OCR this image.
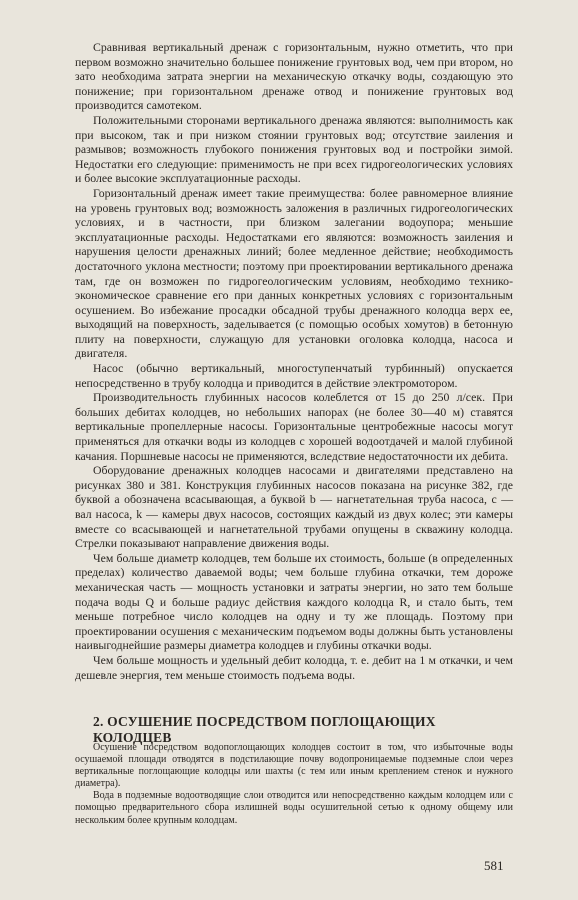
Сравнивая вертикальный дренаж с горизонтальным, нужно отметить, что при первом возможно значительно большее понижение грунтовых вод, чем при втором, но зато необходима затрата энергии на механическую откачку воды, создающую это понижение; при горизонтальном дренаже отвод и понижение грунтовых вод производится самотеком.

Положительными сторонами вертикального дренажа являются: выполнимость как при высоком, так и при низком стоянии грунтовых вод; отсутствие заиления и размывов; возможность глубокого понижения грунтовых вод и постройки зимой. Недостатки его следующие: применимость не при всех гидрогеологических условиях и более высокие эксплуатационные расходы.

Горизонтальный дренаж имеет такие преимущества: более равномерное влияние на уровень грунтовых вод; возможность заложения в различных гидрогеологических условиях, и в частности, при близком залегании водоупора; меньшие эксплуатационные расходы. Недостатками его являются: возможность заиления и нарушения целости дренажных линий; более медленное действие; необходимость достаточного уклона местности; поэтому при проектировании вертикального дренажа там, где он возможен по гидрогеологическим условиям, необходимо технико-экономическое сравнение его при данных конкретных условиях с горизонтальным осушением. Во избежание просадки обсадной трубы дренажного колодца верх ее, выходящий на поверхность, заделывается (с помощью особых хомутов) в бетонную плиту на поверхности, служащую для установки оголовка колодца, насоса и двигателя.

Насос (обычно вертикальный, многоступенчатый турбинный) опускается непосредственно в трубу колодца и приводится в действие электромотором.

Производительность глубинных насосов колеблется от 15 до 250 л/сек. При больших дебитах колодцев, но небольших напорах (не более 30—40 м) ставятся вертикальные пропеллерные насосы. Горизонтальные центробежные насосы могут применяться для откачки воды из колодцев с хорошей водоотдачей и малой глубиной качания. Поршневые насосы не применяются, вследствие недостаточности их дебита.

Оборудование дренажных колодцев насосами и двигателями представлено на рисунках 380 и 381. Конструкция глубинных насосов показана на рисунке 382, где буквой а обозначена всасывающая, а буквой b — нагнетательная труба насоса, с — вал насоса, k — камеры двух насосов, состоящих каждый из двух колес; эти камеры вместе со всасывающей и нагнетательной трубами опущены в скважину колодца. Стрелки показывают направление движения воды.

Чем больше диаметр колодцев, тем больше их стоимость, больше (в определенных пределах) количество даваемой воды; чем больше глубина откачки, тем дороже механическая часть — мощность установки и затраты энергии, но зато тем больше подача воды Q и больше радиус действия каждого колодца R, и стало быть, тем меньше потребное число колодцев на одну и ту же площадь. Поэтому при проектировании осушения с механическим подъемом воды должны быть установлены наивыгоднейшие размеры диаметра колодцев и глубины откачки воды.

Чем больше мощность и удельный дебит колодца, т. е. дебит на 1 м откачки, и чем дешевле энергия, тем меньше стоимость подъема воды.

2. ОСУШЕНИЕ ПОСРЕДСТВОМ ПОГЛОЩАЮЩИХ КОЛОДЦЕВ

Осушение посредством водопоглощающих колодцев состоит в том, что избыточные воды осушаемой площади отводятся в подстилающие почву водопроницаемые подземные слои через вертикальные поглощающие колодцы или шахты (с тем или иным креплением стенок и нужного диаметра).

Вода в подземные водоотводящие слои отводится или непосредственно каждым колодцем или с помощью предварительного сбора излишней воды осушительной сетью к одному общему или нескольким более крупным колодцам.

581
